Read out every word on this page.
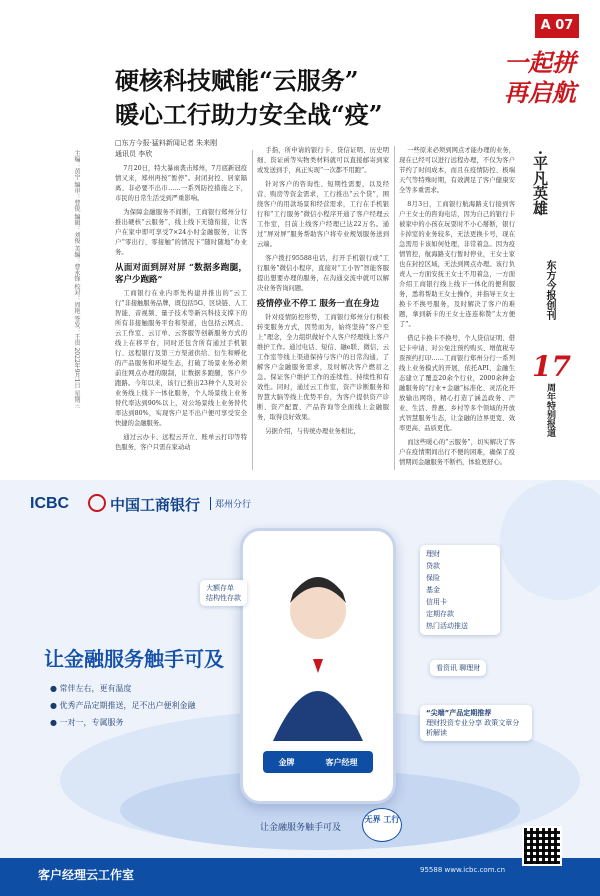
A 07
一起拼 再启航
硬核科技赋能“云服务”
暖心工行助力安全战“疫”
□东方今报·猛料新闻记者 朱来刚
通讯员 李欣
主编：黄宁 编审：曹锐 编辑：刘俊 美编：曹永锋 校对：周艳 签发：王贵 2022年9月1日 星期三	7月20日，特大暴雨袭击郑州，7月底新冠疫情又来，郑州再按“暂停”。封闭封控、居家隔离、非必要不出市……一系列防控措施之下，市民的日常生活受到严重影响。

为保障金融服务不间断，工商银行郑州分行推出硬核“云服务”，线上线下无缝衔接，让客户在家中即可享受7×24小时金融服务，让客户“零出行、零接触”的情况下“随时随地”办业务。

从面对面到屏对屏 “数据多跑腿，客户少跑路”

工商银行在业内率先构建并推出的“云工行”非接触服务品牌，既包括5G、区块链、人工智能、音视频、量子技术等新兴科技支撑下的所有非接触服务平台和渠道，也包括云网点、云工作室、云订单、云客服等创新服务方式的线上在移平台，同时还包含所有通过手机银行、远程银行及第三方渠道供给、衍生和孵化的产品服务和环境生态，打破了场景业务必须前往网点办理的限制，让数据多跑腿，客户少跑路。今年以来，该行已推出23种个人及对公业务线上线下一体化服务，个人场景线上业务替代率达到90%以上，对公场景线上业务替代率达到80%，实现客户足不出户便可享受安全快捷的金融服务。

通过云办卡、远程云开立、账单云打印等特色服务，客户只需在家动动

手指，所申请的银行卡、贷信证明、历史明细、资证函等实物类材料就可以直接邮寄到家或发送到手，真正实现“一次都不用跑”。

针对客户的咨询性、短期性需要，以及经营、购房等资金需求，工行推出“云个贷”，围绕客户的用款场景和经营需求，工行在手机银行和“工行服务”微信小程序开通了客户经理云工作室，目前上线客户经理已达22万名。通过“屏对屏”服务帮助客户将专业规划服务送到云端。

客户拨打95588电话，打开手机银行或“工行服务”微信小程序，直接对“工小智”智能客服提出想要办理的服务，在沟通交流中就可以解决业务咨询问题。

疫情停业不停工 服务一直在身边

针对疫情防控形势，工商银行郑州分行积极转变服务方式，因势而为，始终坚持“客户至上”理念，全力组织做好个人客户经理线上客户维护工作。通过电话、短信、融e联、微信、云工作室等线上渠道保持与客户的日常沟通，了解客户金融服务需求，及时解决客户燃眉之急。保证客户维护工作的连续性、持续性和有效性。同时，通过云工作室，资产诊断服务和智慧大脑等线上优势平台，为客户提供资产诊断、资产配置、产品咨询等全面线上金融服务，取得良好效果。

另据介绍，与传统办理业务相比，

一些原来必须到网点才能办理的业务，现在已经可以进行远程办理，不仅为客户节约了时间成本，而且在疫情防控、极端天气等特殊时期，有效满足了客户健康安全等多重需求。

8月3日，工商银行航海路支行接到客户王女士的咨询电话，因为自己的银行卡被家中的小孩在玩耍时不小心掰断，银行卡掉室的业务较多，无法更换卡号，现在急需用卡该如何处理，非常着急。因为疫情管控，航海路支行暂时停业，王女士家也在封控区域，无法到网点办理。该行负责人一方面安抚王女士不用着急，一方面介绍工商银行线上线下一体化的便利服务，悉将帮助王女士操作，并指导王女士换卡不换号服务，及时解决了客户的难题，拿到新卡的王女士连连称赞“太方便了”。

借记卡换卡不换号，个人贷信证明、借记卡申请、对公免注预约购买、增值税专票预约打印……工商银行郑州分行一系列线上业务模式的开展，依托API、金融生态建立了覆盖20余个行业，2000余种金融服务的“行业+金融”标准化、灵活化开放输出网络，精心打造了涵盖政务、产业、生活、普惠、乡村等多个领域的开放式智慧服务生态，让金融的边界更宽、效率更高、品质更优。

而这些暖心的“云服务”，切实解决了客户在疫情期间出行不便的困难，确保了疫情期间金融服务不断档，体验更舒心。

·平凡英雄
东方今报创刊
17
周年特别报道
ICBC	中国工商银行	郑州分行
让金融服务触手可及
● 常伴左右，更有温度
● 优秀产品定期推送，足不出户便利金融
● 一对一，专属服务
金牌	客户经理
大额存单
结构性存款
理财
贷款
保险
基金
信用卡
定期存款
热门活动推送
看资讯 聊理财
“尖端”产品定期推荐
理财投资专业分享 政策文章分析解读
无界 工行
让金融服务触手可及
客户经理云工作室	95588 www.icbc.com.cn
